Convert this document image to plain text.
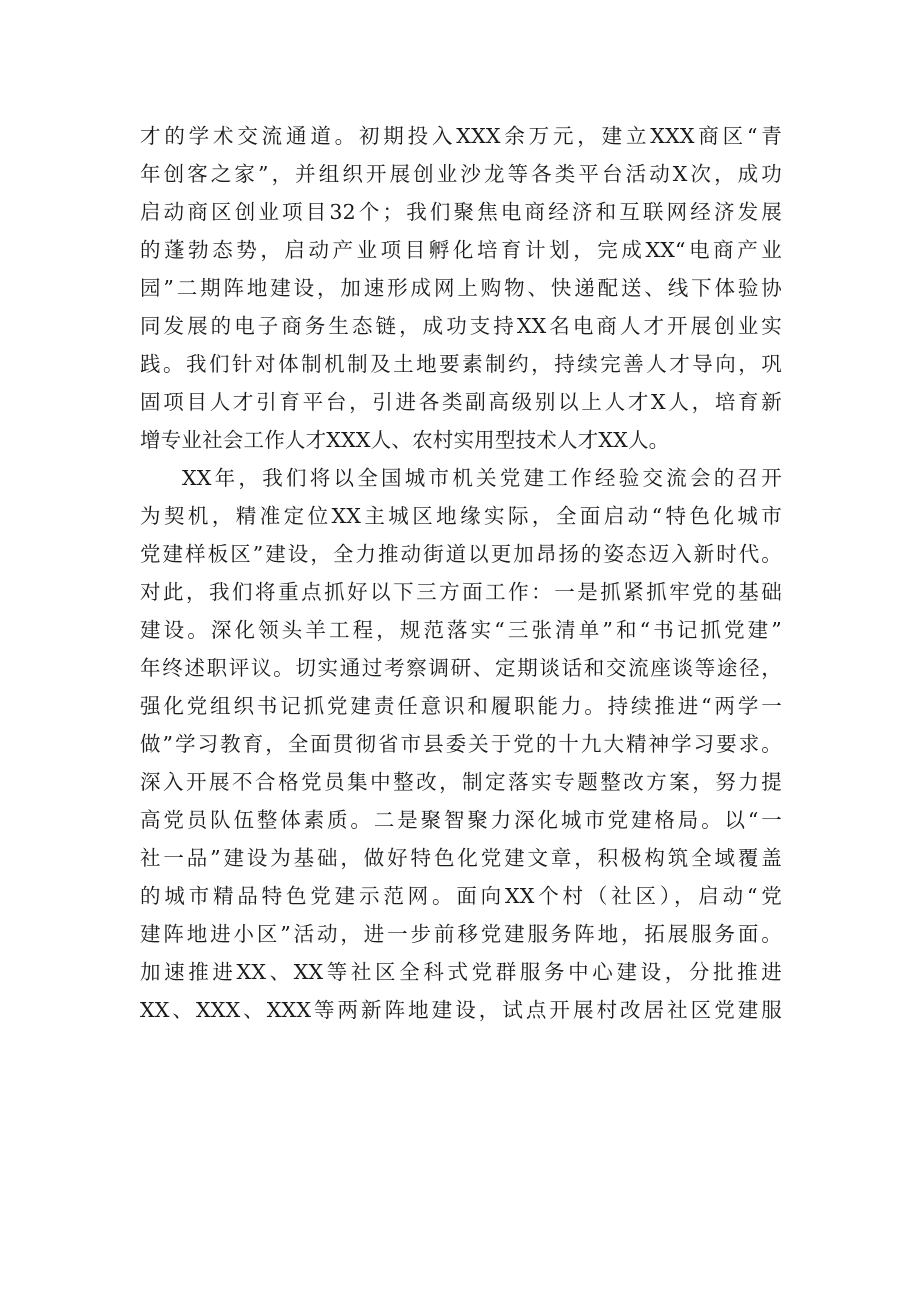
才的学术交流通道。初期投入XXX余万元，建立XXX商区“青
年创客之家”，并组织开展创业沙龙等各类平台活动X次，成功
启动商区创业项目32个；我们聚焦电商经济和互联网经济发展
的蓬勃态势，启动产业项目孵化培育计划，完成XX“电商产业
园”二期阵地建设，加速形成网上购物、快递配送、线下体验协
同发展的电子商务生态链，成功支持XX名电商人才开展创业实
践。我们针对体制机制及土地要素制约，持续完善人才导向，巩
固项目人才引育平台，引进各类副高级别以上人才X人，培育新
增专业社会工作人才XXX人、农村实用型技术人才XX人。
XX年，我们将以全国城市机关党建工作经验交流会的召开
为契机，精准定位XX主城区地缘实际，全面启动“特色化城市
党建样板区”建设，全力推动街道以更加昂扬的姿态迈入新时代。
对此，我们将重点抓好以下三方面工作：一是抓紧抓牢党的基础
建设。深化领头羊工程，规范落实“三张清单”和“书记抓党建”
年终述职评议。切实通过考察调研、定期谈话和交流座谈等途径，
强化党组织书记抓党建责任意识和履职能力。持续推进“两学一
做”学习教育，全面贯彻省市县委关于党的十九大精神学习要求。
深入开展不合格党员集中整改，制定落实专题整改方案，努力提
高党员队伍整体素质。二是聚智聚力深化城市党建格局。以“一
社一品”建设为基础，做好特色化党建文章，积极构筑全域覆盖
的城市精品特色党建示范网。面向XX个村（社区），启动“党
建阵地进小区”活动，进一步前移党建服务阵地，拓展服务面。
加速推进XX、XX等社区全科式党群服务中心建设，分批推进
XX、XXX、XXX等两新阵地建设，试点开展村改居社区党建服
